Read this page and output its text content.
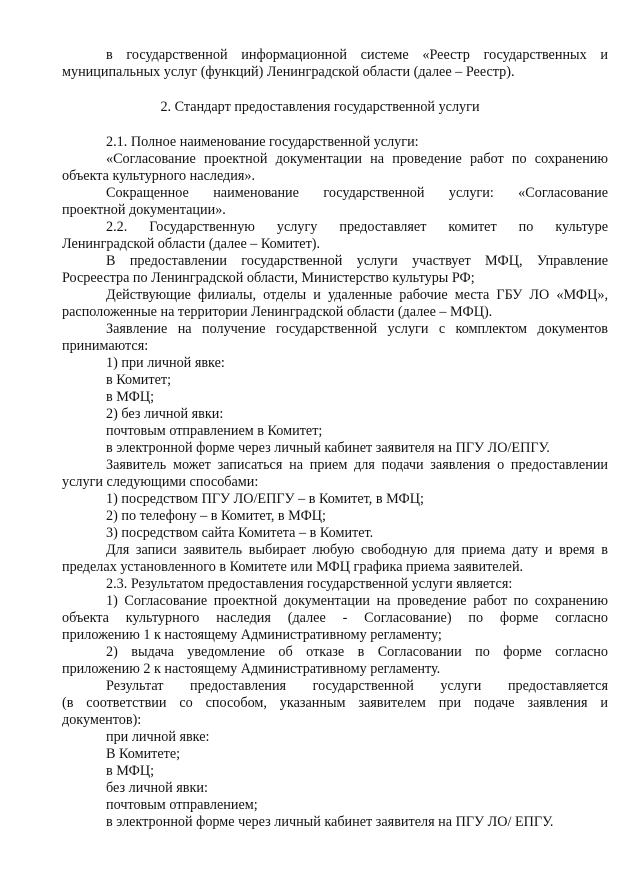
в государственной информационной системе «Реестр государственных и
муниципальных услуг (функций) Ленинградской области (далее – Реестр).
2. Стандарт предоставления государственной услуги
2.1. Полное наименование государственной услуги:
«Согласование проектной документации на проведение работ по сохранению
объекта культурного наследия».
Сокращенное наименование государственной услуги: «Согласование
проектной документации».
2.2. Государственную услугу предоставляет комитет по культуре
Ленинградской области (далее – Комитет).
В предоставлении государственной услуги участвует МФЦ, Управление
Росреестра по Ленинградской области, Министерство культуры РФ;
Действующие филиалы, отделы и удаленные рабочие места ГБУ ЛО «МФЦ»,
расположенные на территории Ленинградской области (далее – МФЦ).
Заявление на получение государственной услуги с комплектом документов
принимаются:
1) при личной явке:
в Комитет;
в МФЦ;
2) без личной явки:
почтовым отправлением в Комитет;
в электронной форме через личный кабинет заявителя на ПГУ ЛО/ЕПГУ.
Заявитель может записаться на прием для подачи заявления о предоставлении
услуги следующими способами:
1) посредством ПГУ ЛО/ЕПГУ – в Комитет, в МФЦ;
2) по телефону – в Комитет, в МФЦ;
3) посредством сайта Комитета – в Комитет.
Для записи заявитель выбирает любую свободную для приема дату и время в
пределах установленного в Комитете или МФЦ графика приема заявителей.
2.3. Результатом предоставления государственной услуги является:
1) Согласование проектной документации на проведение работ по сохранению
объекта культурного наследия (далее - Согласование) по форме согласно
приложению 1 к настоящему Административному регламенту;
2) выдача уведомление об отказе в Согласовании по форме согласно
приложению 2 к настоящему Административному регламенту.
Результат предоставления государственной услуги предоставляется
(в соответствии со способом, указанным заявителем при подаче заявления и
документов):
при личной явке:
В Комитете;
в МФЦ;
без личной явки:
почтовым отправлением;
в электронной форме через личный кабинет заявителя на ПГУ ЛО/ ЕПГУ.
